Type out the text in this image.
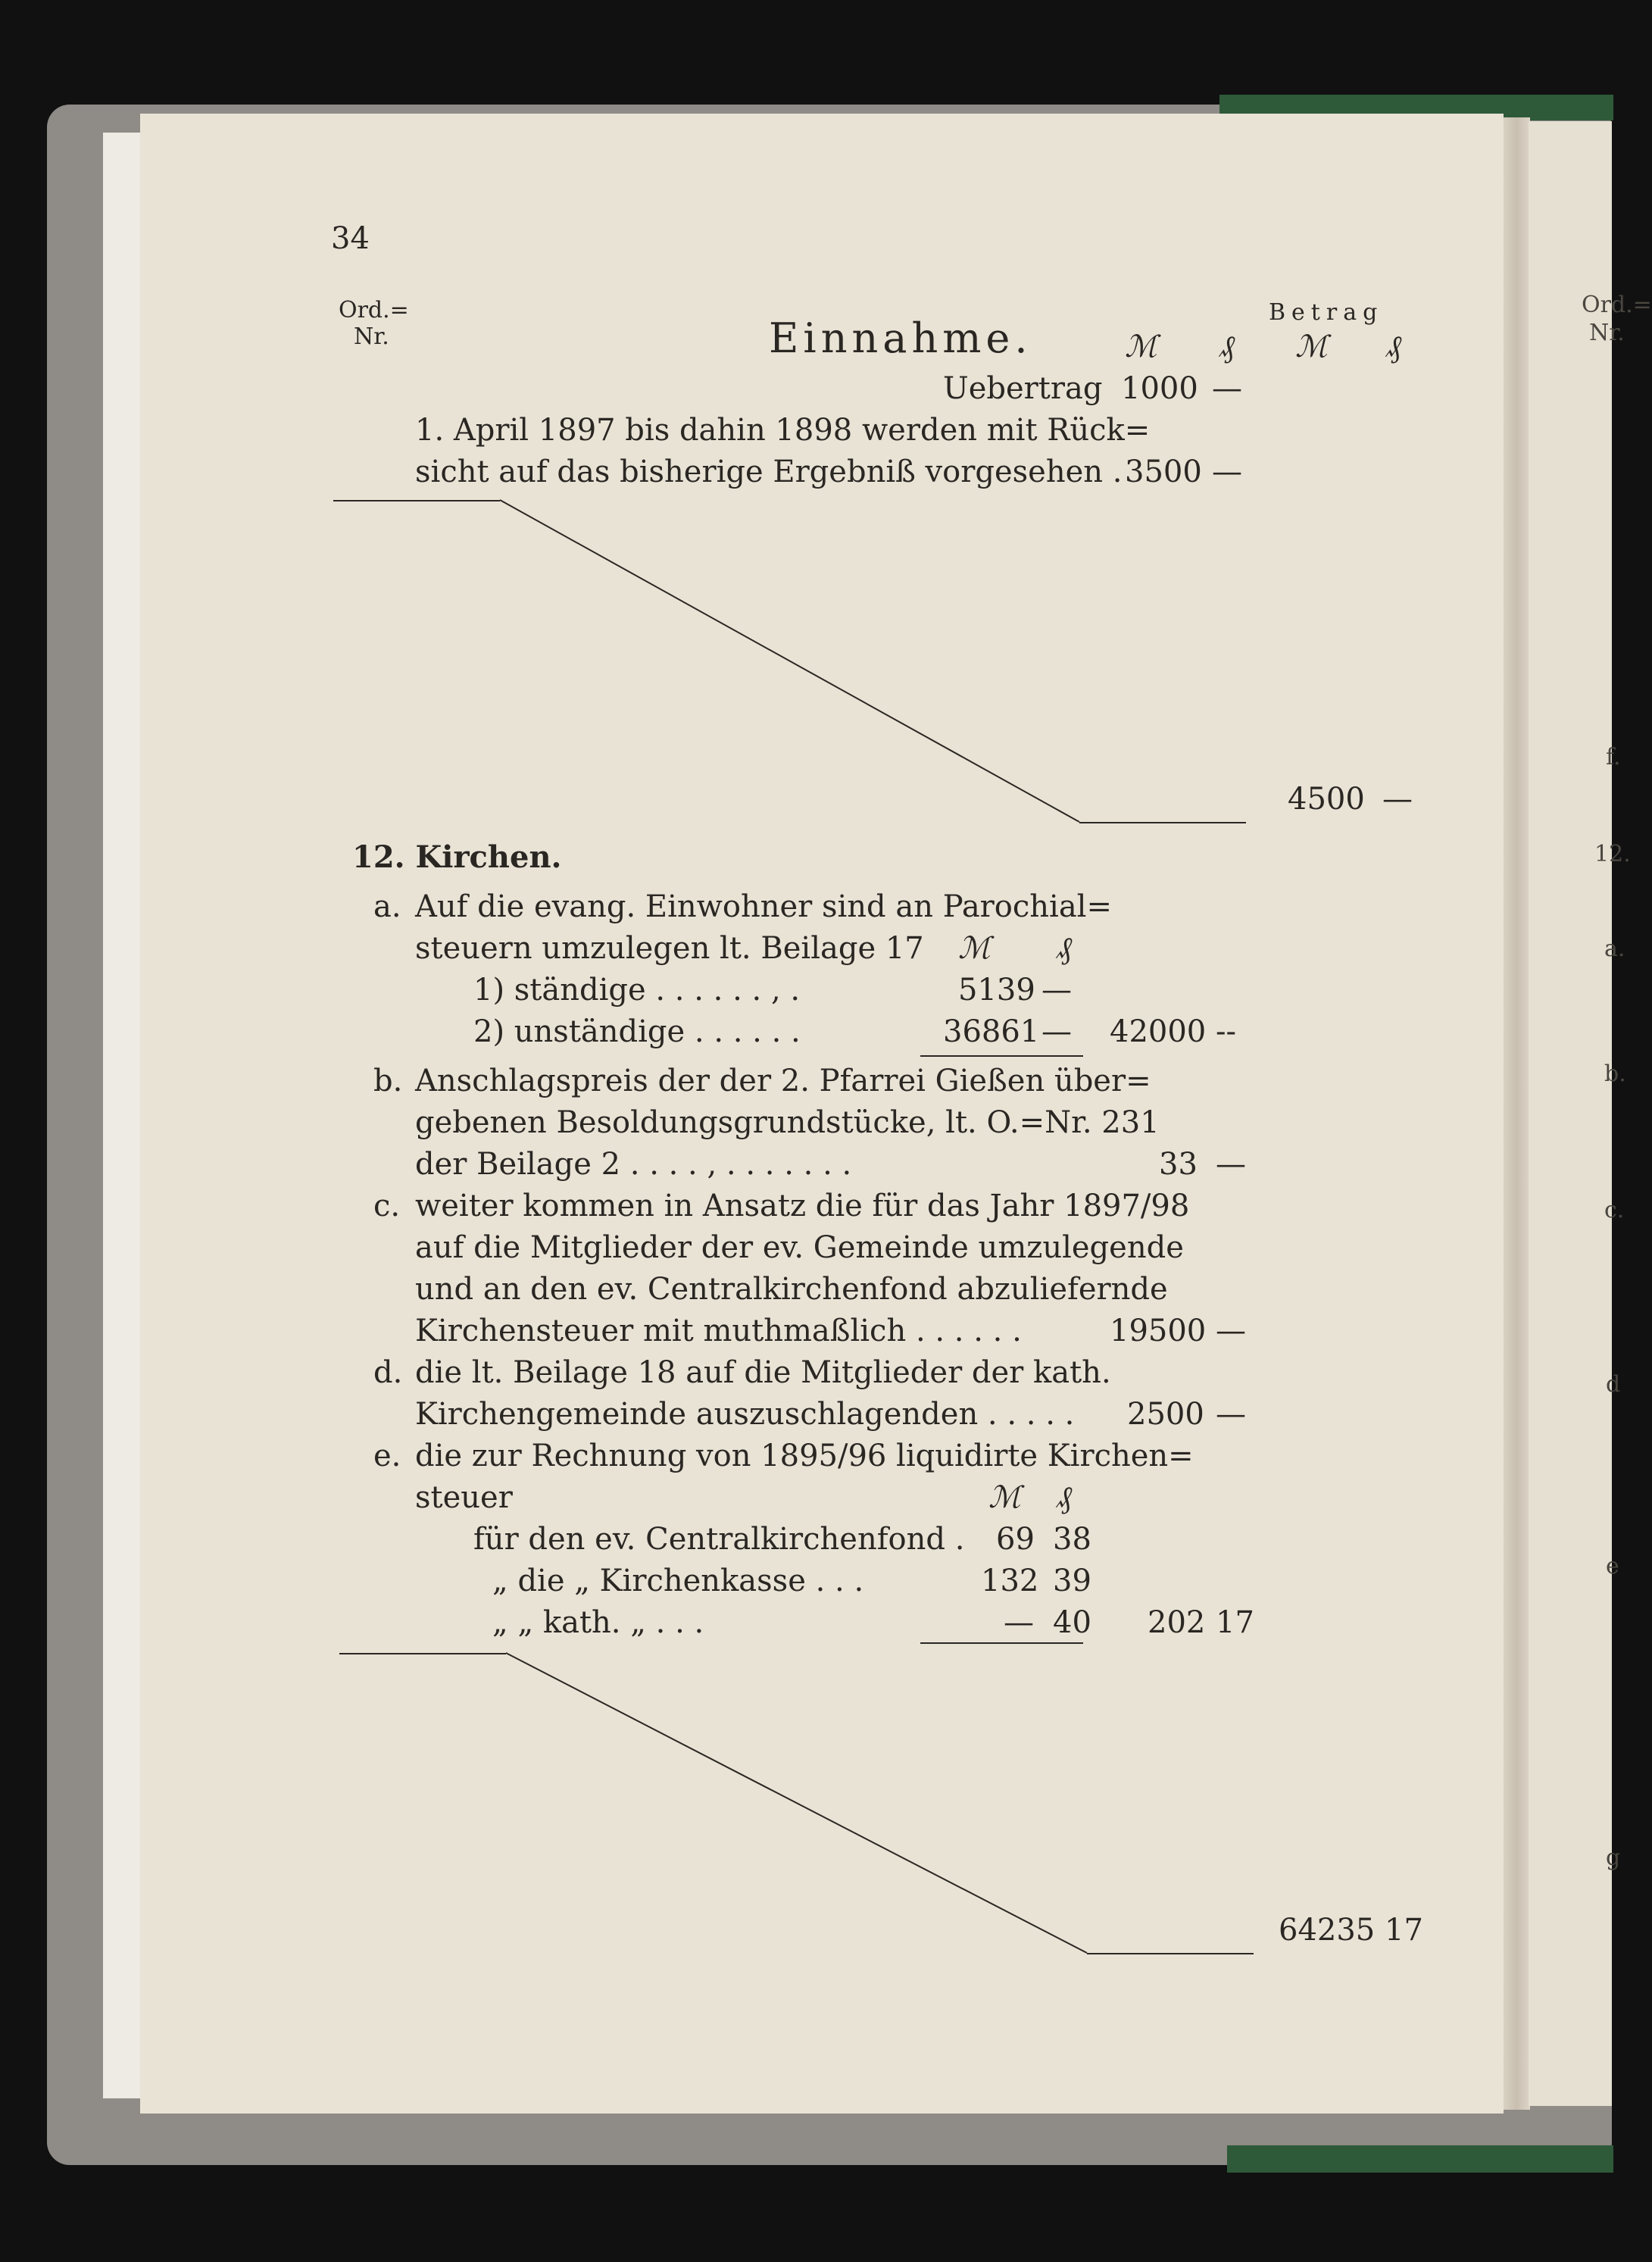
34
Ord.=
Nr.	Einnahme.
Betrag
ℳ ₰ ℳ ₰
Uebertrag 1000 —
1. April 1897 bis dahin 1898 werden mit Rück=
sicht auf das bisherige Ergebniß vorgesehen . 3500 —
4500 —
12. Kirchen.
a. Auf die evang. Einwohner sind an Parochial=
steuern umzulegen lt. Beilage 17 ℳ ₰
1) ständige . . . . . . , .	5139 —
2) unständige . . . . . .	36861 — 42000 --
b. Anschlagspreis der der 2. Pfarrei Gießen über=
gebenen Besoldungsgrundstücke, lt. O.=Nr. 231
der Beilage 2 . . . . , . . . . . . .	33 —
c. weiter kommen in Ansatz die für das Jahr 1897/98
auf die Mitglieder der ev. Gemeinde umzulegende
und an den ev. Centralkirchenfond abzuliefernde
Kirchensteuer mit muthmaßlich . . . . . .	19500 —
d. die lt. Beilage 18 auf die Mitglieder der kath.
Kirchengemeinde auszuschlagenden . . . . . 2500 —
e. die zur Rechnung von 1895/96 liquidirte Kirchen=
steuer	ℳ ₰
für den ev. Centralkirchenfond . 69 38
„ die „ Kirchenkasse . . .	132 39
„ „ kath. „ . . .	— 40 202 17
64235 17
Ord.=
Nr.
f.
12.
a.
b.
c.
d
e
g
